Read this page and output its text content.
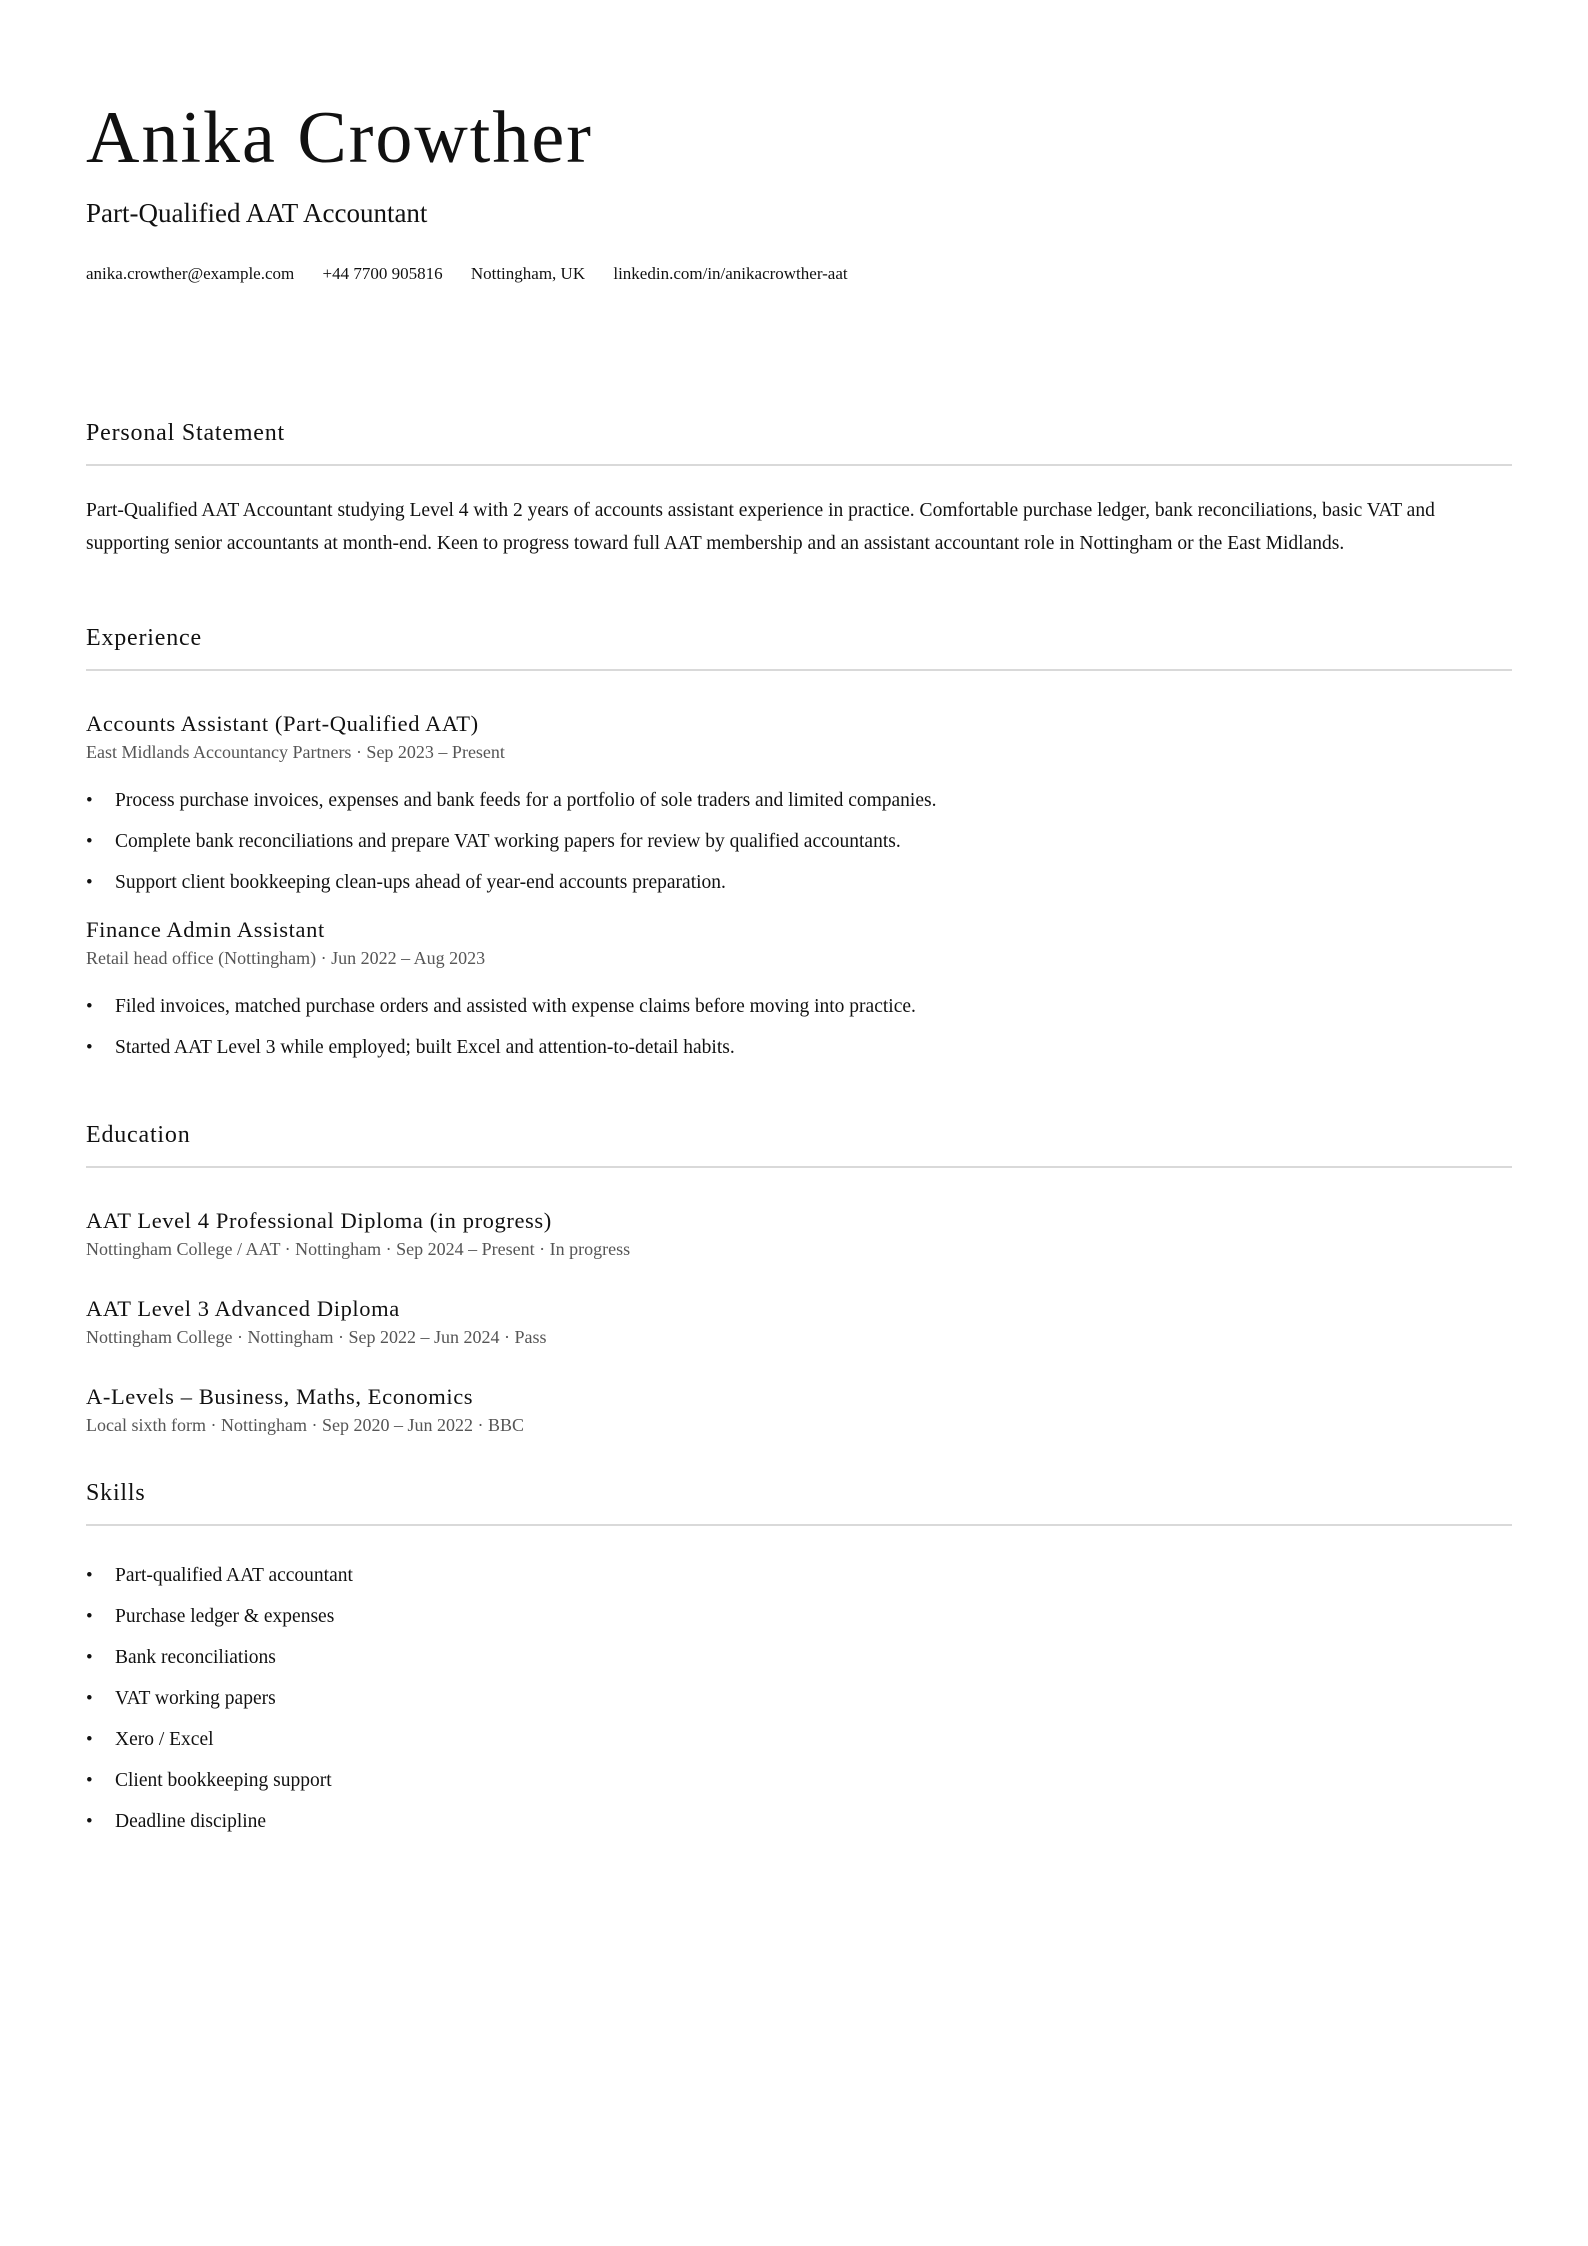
Anika Crowther
Part-Qualified AAT Accountant
anika.crowther@example.com +44 7700 905816 Nottingham, UK linkedin.com/in/anikacrowther-aat
Personal Statement

Part-Qualified AAT Accountant studying Level 4 with 2 years of accounts assistant experience in practice. Comfortable purchase ledger, bank reconciliations, basic VAT and supporting senior accountants at month-end. Keen to progress toward full AAT membership and an assistant accountant role in Nottingham or the East Midlands.

Experience
Accounts Assistant (Part-Qualified AAT)
East Midlands Accountancy Partners · Sep 2023 – Present
• Process purchase invoices, expenses and bank feeds for a portfolio of sole traders and limited companies.
• Complete bank reconciliations and prepare VAT working papers for review by qualified accountants.
• Support client bookkeeping clean-ups ahead of year-end accounts preparation.
Finance Admin Assistant
Retail head office (Nottingham) · Jun 2022 – Aug 2023
• Filed invoices, matched purchase orders and assisted with expense claims before moving into practice.
• Started AAT Level 3 while employed; built Excel and attention-to-detail habits.
Education
AAT Level 4 Professional Diploma (in progress)
Nottingham College / AAT · Nottingham · Sep 2024 – Present · In progress
AAT Level 3 Advanced Diploma
Nottingham College · Nottingham · Sep 2022 – Jun 2024 · Pass
A-Levels – Business, Maths, Economics
Local sixth form · Nottingham · Sep 2020 – Jun 2022 · BBC
Skills
• Part-qualified AAT accountant
• Purchase ledger & expenses
• Bank reconciliations
• VAT working papers
• Xero / Excel
• Client bookkeeping support
• Deadline discipline
